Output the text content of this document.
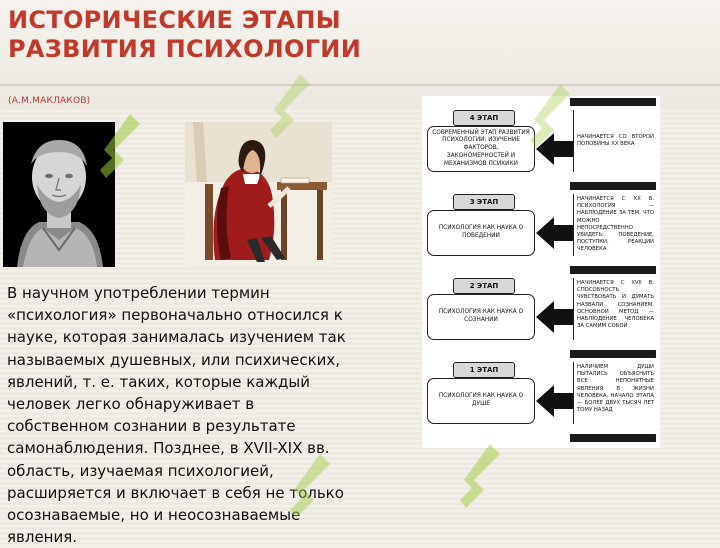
ИСТОРИЧЕСКИЕ ЭТАПЫ РАЗВИТИЯ ПСИХОЛОГИИ
(А.М.МАКЛАКОВ)
В научном употреблении термин «психология» первоначально относился к науке, которая занималась изучением так называемых душевных, или психических, явлений, т. е. таких, которые каждый человек легко обнаруживает в собственном сознании в результате самонаблюдения. Позднее, в XVII-XIX вв. область, изучаемая психологией, расширяется и включает в себя не только осознаваемые, но и неосознаваемые явления.
4 ЭТАП
СОВРЕМЕННЫЙ ЭТАП РАЗВИТИЯ ПСИХОЛОГИИ: ИЗУЧЕНИЕ ФАКТОРОВ, ЗАКОНОМЕРНОСТЕЙ И МЕХАНИЗМОВ ПСИХИКИ
НАЧИНАЕТСЯ СО ВТОРОЙ ПОЛОВИНЫ XX ВЕКА
3 ЭТАП
ПСИХОЛОГИЯ КАК НАУКА О ПОВЕДЕНИИ
НАЧИНАЕТСЯ С XX В. ПСИХОЛОГИЯ — НАБЛЮДЕНИЕ ЗА ТЕМ, ЧТО МОЖНО НЕПОСРЕДСТВЕННО УВИДЕТЬ: ПОВЕДЕНИЕ, ПОСТУПКИ, РЕАКЦИИ ЧЕЛОВЕКА
2 ЭТАП
ПСИХОЛОГИЯ КАК НАУКА О СОЗНАНИИ
НАЧИНАЕТСЯ С XVII В. СПОСОБНОСТЬ ЧУВСТВОВАТЬ И ДУМАТЬ НАЗВАЛИ СОЗНАНИЕМ. ОСНОВНОЙ МЕТОД — НАБЛЮДЕНИЕ ЧЕЛОВЕКА ЗА САМИМ СОБОЙ
1 ЭТАП
ПСИХОЛОГИЯ КАК НАУКА О ДУШЕ
НАЛИЧИЕМ ДУШИ ПЫТАЛИСЬ ОБЪЯСНИТЬ ВСЕ НЕПОНЯТНЫЕ ЯВЛЕНИЯ В ЖИЗНИ ЧЕЛОВЕКА. НАЧАЛО ЭТАПА — БОЛЕЕ ДВУХ ТЫСЯЧ ЛЕТ ТОМУ НАЗАД
